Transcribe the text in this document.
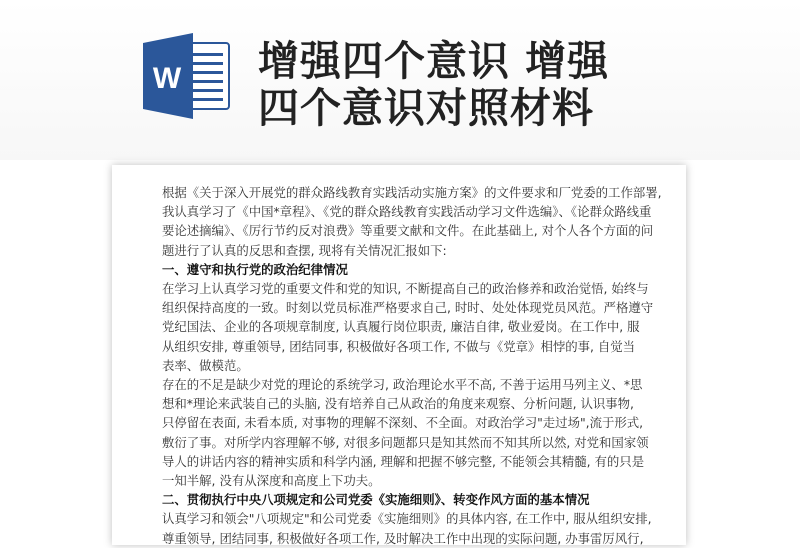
W 增强四个意识 增强
四个意识对照材料
根据《关于深入开展党的群众路线教育实践活动实施方案》的文件要求和厂党委的工作部署,
我认真学习了《中国*章程》、《党的群众路线教育实践活动学习文件选编》、《论群众路线重
要论述摘编》、《厉行节约反对浪费》等重要文献和文件。在此基础上, 对个人各个方面的问
题进行了认真的反思和查摆, 现将有关情况汇报如下:
一、遵守和执行党的政治纪律情况
在学习上认真学习党的重要文件和党的知识, 不断提高自己的政治修养和政治觉悟, 始终与
组织保持高度的一致。时刻以党员标准严格要求自己, 时时、处处体现党员风范。严格遵守
党纪国法、企业的各项规章制度, 认真履行岗位职责, 廉洁自律, 敬业爱岗。在工作中, 服
从组织安排, 尊重领导, 团结同事, 积极做好各项工作, 不做与《党章》相悖的事, 自觉当
表率、做模范。
存在的不足是缺少对党的理论的系统学习, 政治理论水平不高, 不善于运用马列主义、*思
想和*理论来武装自己的头脑, 没有培养自己从政治的角度来观察、分析问题, 认识事物,
只停留在表面, 未看本质, 对事物的理解不深刻、不全面。对政治学习"走过场",流于形式,
敷衍了事。对所学内容理解不够, 对很多问题都只是知其然而不知其所以然, 对党和国家领
导人的讲话内容的精神实质和科学内涵, 理解和把握不够完整, 不能领会其精髓, 有的只是
一知半解, 没有从深度和高度上下功夫。
二、贯彻执行中央八项规定和公司党委《实施细则》、转变作风方面的基本情况
认真学习和领会"八项规定"和公司党委《实施细则》的具体内容, 在工作中, 服从组织安排,
尊重领导, 团结同事, 积极做好各项工作, 及时解决工作中出现的实际问题, 办事雷厉风行,
